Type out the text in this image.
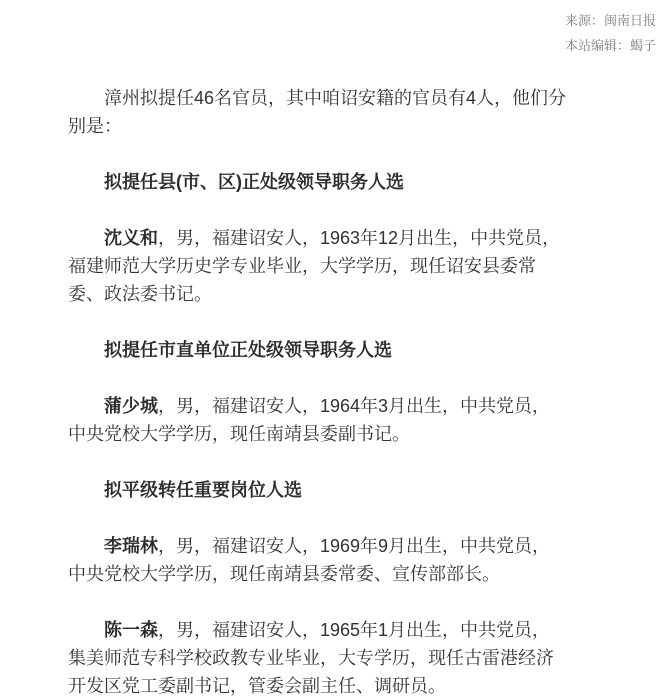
来源：闽南日报
本站编辑：蝎子

漳州拟提任46名官员，其中咱诏安籍的官员有4人，他们分别是：

拟提任县(市、区)正处级领导职务人选

沈义和，男，福建诏安人，1963年12月出生，中共党员，福建师范大学历史学专业毕业，大学学历，现任诏安县委常委、政法委书记。

拟提任市直单位正处级领导职务人选

蒲少城，男，福建诏安人，1964年3月出生，中共党员，中央党校大学学历，现任南靖县委副书记。

拟平级转任重要岗位人选

李瑞林，男，福建诏安人，1969年9月出生，中共党员，中央党校大学学历，现任南靖县委常委、宣传部部长。

陈一森，男，福建诏安人，1965年1月出生，中共党员，集美师范专科学校政教专业毕业，大专学历，现任古雷港经济开发区党工委副书记，管委会副主任、调研员。
